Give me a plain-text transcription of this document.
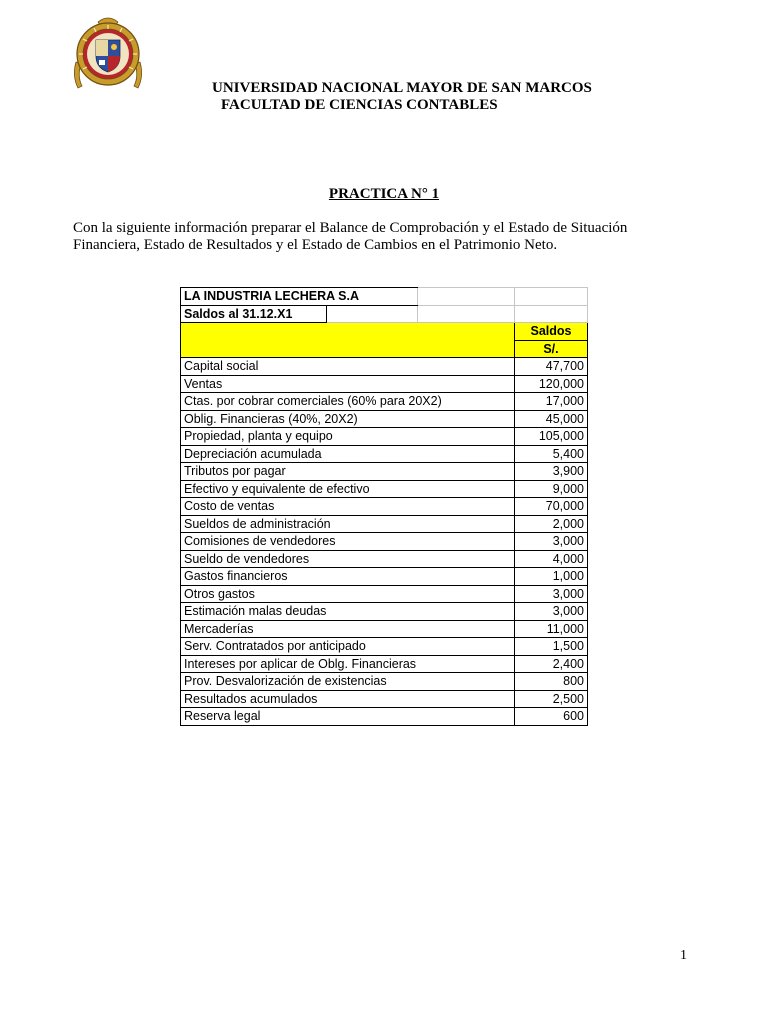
UNIVERSIDAD NACIONAL MAYOR DE SAN MARCOS
FACULTAD DE CIENCIAS CONTABLES
PRACTICA N° 1
Con la siguiente información preparar el Balance de Comprobación y el Estado de Situación Financiera, Estado de Resultados y el Estado de Cambios en el Patrimonio Neto.
LA INDUSTRIA LECHERA S.A			
Saldos al 31.12.X1			
			Saldos
			S/.
Capital social			47,700
Ventas			120,000
Ctas. por cobrar comerciales (60% para 20X2)			17,000
Oblig. Financieras (40%, 20X2)			45,000
Propiedad, planta y equipo			105,000
Depreciación acumulada			5,400
Tributos por pagar			3,900
Efectivo y equivalente de efectivo			9,000
Costo de ventas			70,000
Sueldos de administración			2,000
Comisiones de vendedores			3,000
Sueldo de vendedores			4,000
Gastos financieros			1,000
Otros gastos			3,000
Estimación malas deudas			3,000
Mercaderías			11,000
Serv. Contratados por anticipado			1,500
Intereses por aplicar de Oblg. Financieras			2,400
Prov. Desvalorización de existencias			800
Resultados acumulados			2,500
Reserva legal			600
1
